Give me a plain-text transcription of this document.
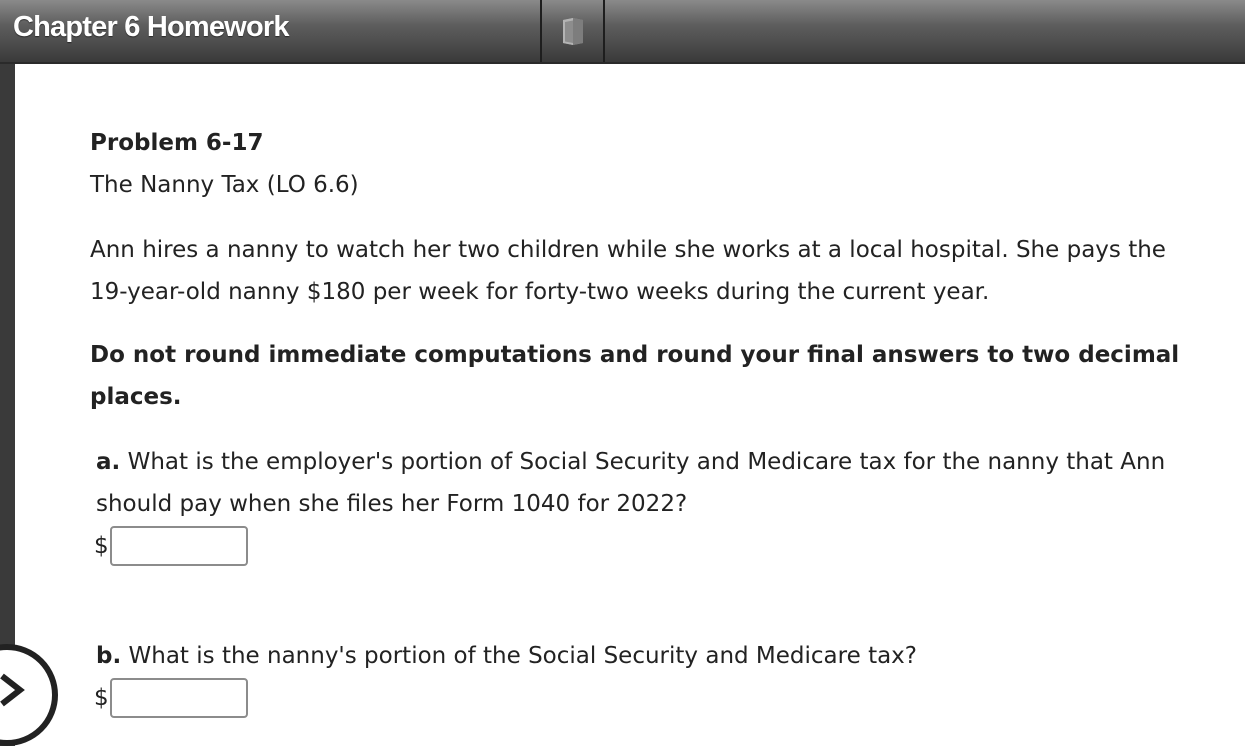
Chapter 6 Homework

Problem 6-17

The Nanny Tax (LO 6.6)

Ann hires a nanny to watch her two children while she works at a local hospital. She pays the 19-year-old nanny $180 per week for forty-two weeks during the current year.

Do not round immediate computations and round your final answers to two decimal places.

a. What is the employer's portion of Social Security and Medicare tax for the nanny that Ann should pay when she files her Form 1040 for 2022?
$
b. What is the nanny's portion of the Social Security and Medicare tax?
$
